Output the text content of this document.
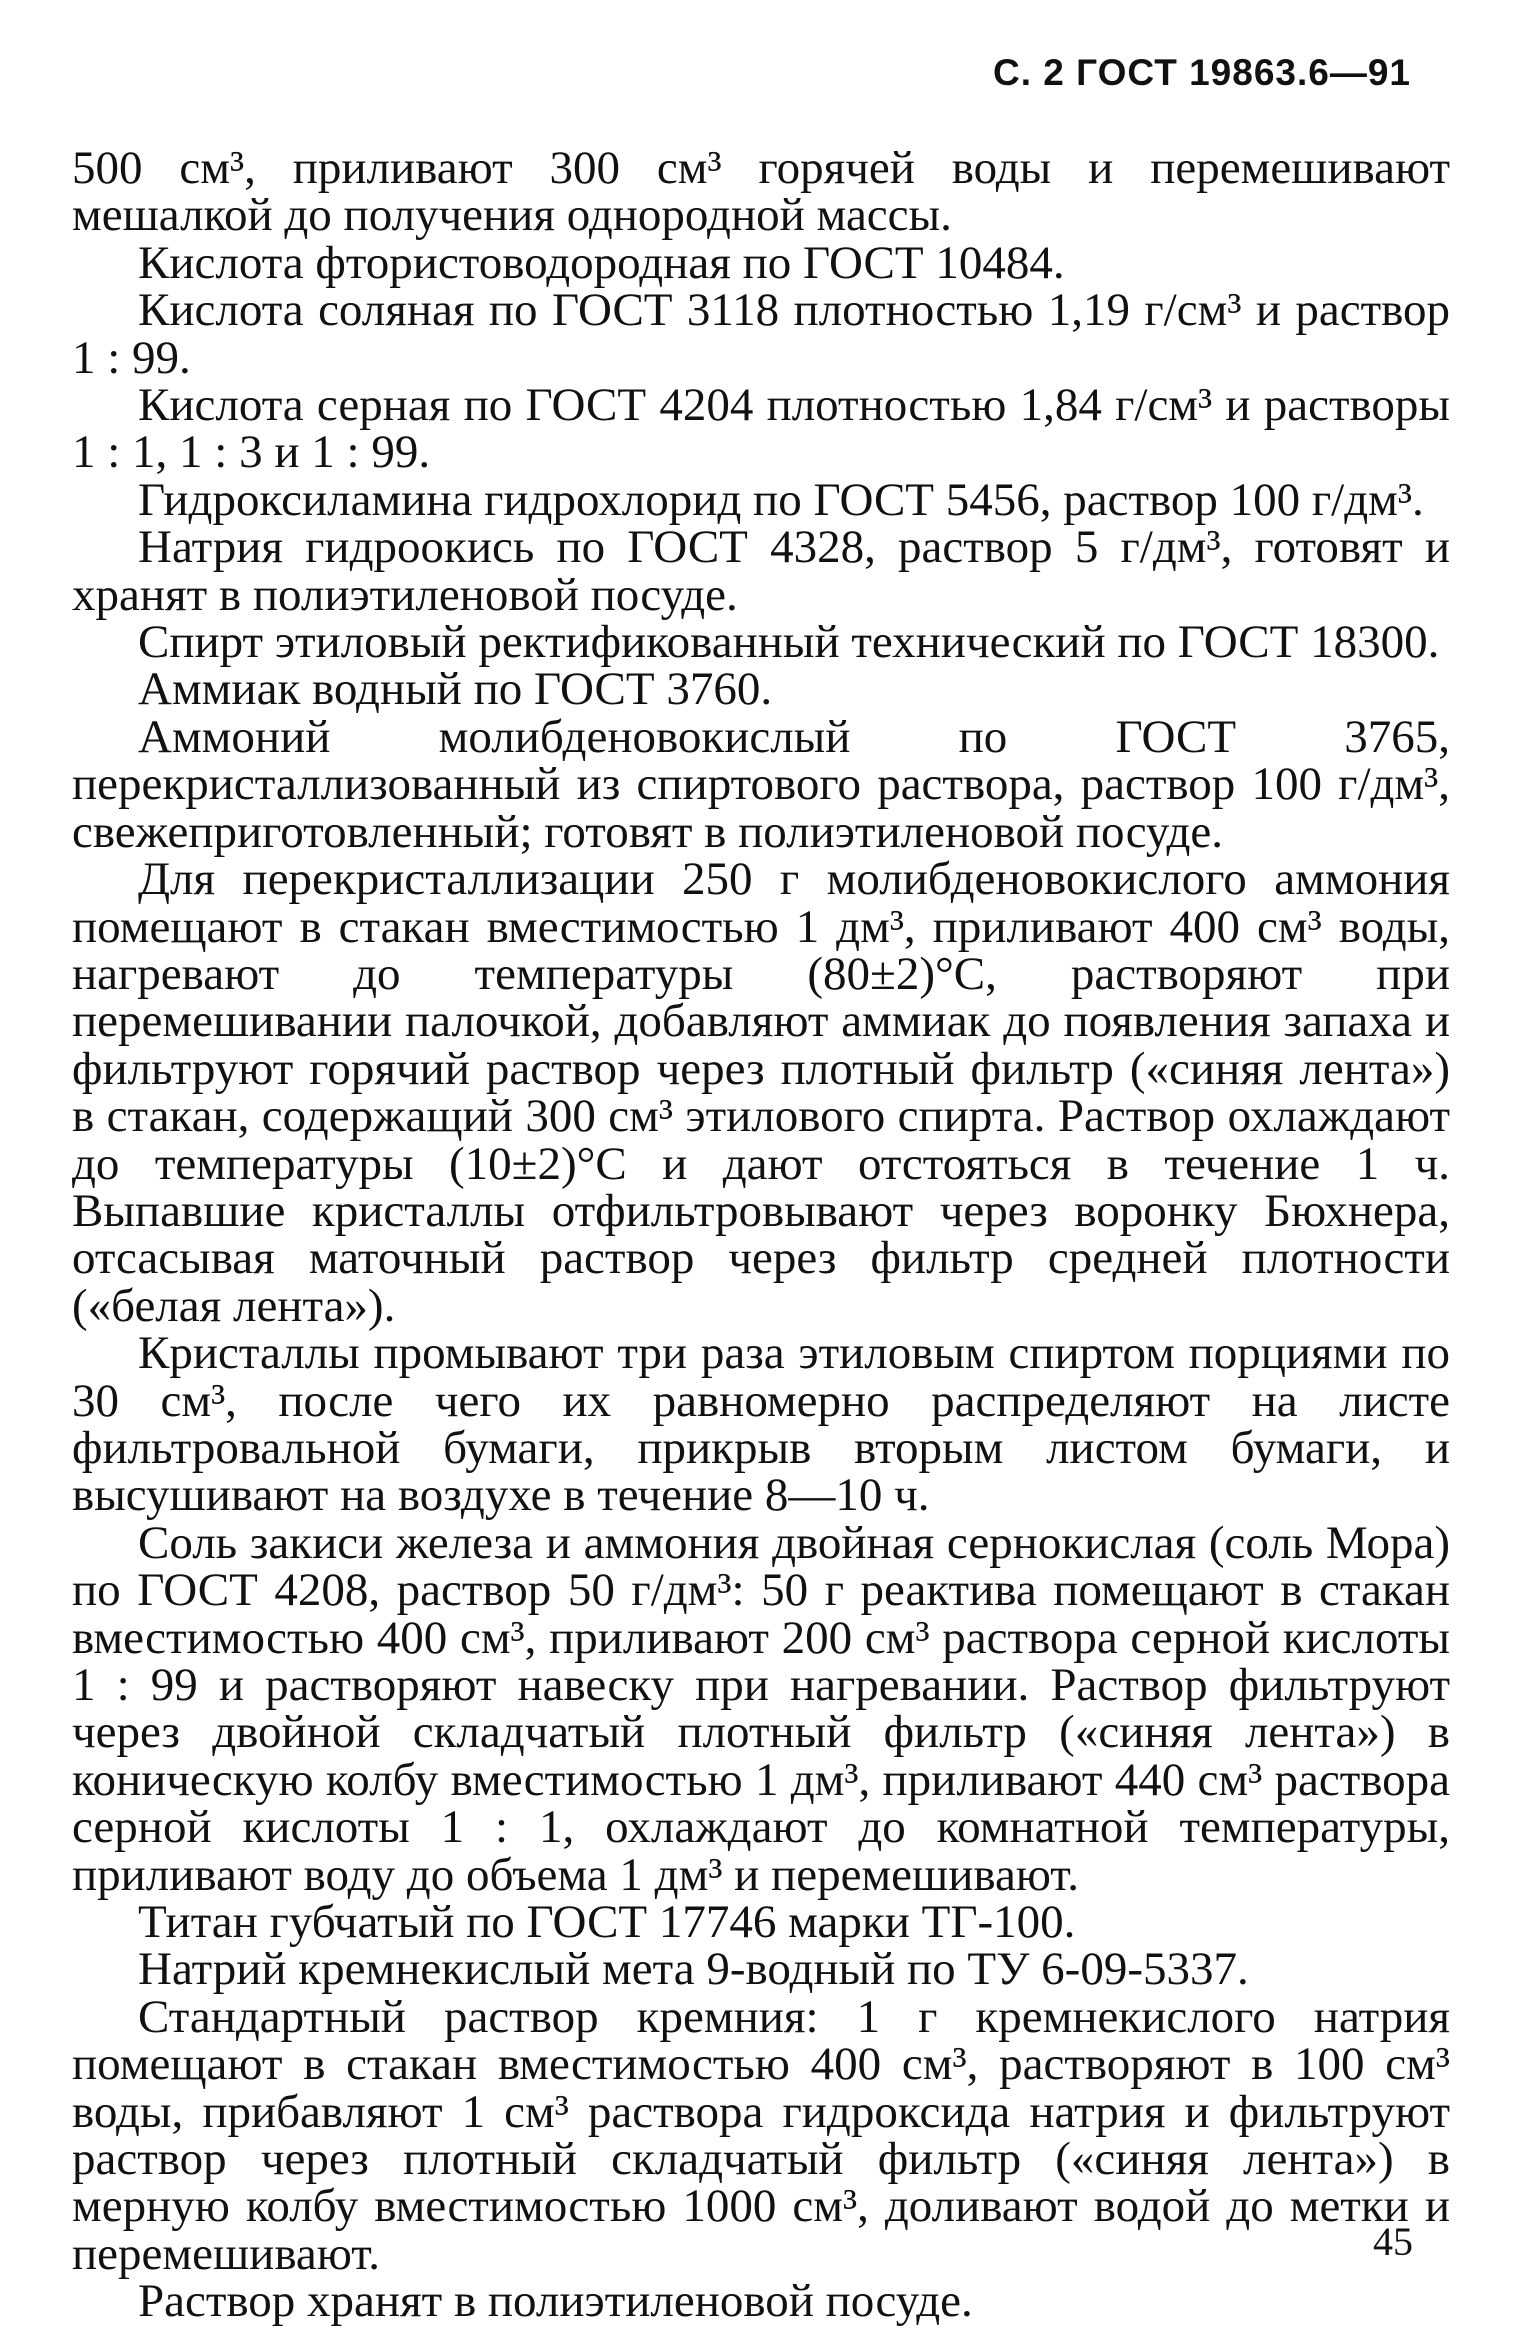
С. 2 ГОСТ 19863.6—91

500 см³, приливают 300 см³ горячей воды и перемешивают мешалкой до получения однородной массы.

Кислота фтористоводородная по ГОСТ 10484.

Кислота соляная по ГОСТ 3118 плотностью 1,19 г/см³ и раствор 1 : 99.

Кислота серная по ГОСТ 4204 плотностью 1,84 г/см³ и растворы 1 : 1, 1 : 3 и 1 : 99.

Гидроксиламина гидрохлорид по ГОСТ 5456, раствор 100 г/дм³.

Натрия гидроокись по ГОСТ 4328, раствор 5 г/дм³, готовят и хранят в полиэтиленовой посуде.

Спирт этиловый ректификованный технический по ГОСТ 18300.

Аммиак водный по ГОСТ 3760.

Аммоний молибденовокислый по ГОСТ 3765, перекристаллизованный из спиртового раствора, раствор 100 г/дм³, свежеприготовленный; готовят в полиэтиленовой посуде.

Для перекристаллизации 250 г молибденовокислого аммония помещают в стакан вместимостью 1 дм³, приливают 400 см³ воды, нагревают до температуры (80±2)°С, растворяют при перемешивании палочкой, добавляют аммиак до появления запаха и фильтруют горячий раствор через плотный фильтр («синяя лента») в стакан, содержащий 300 см³ этилового спирта. Раствор охлаждают до температуры (10±2)°С и дают отстояться в течение 1 ч. Выпавшие кристаллы отфильтровывают через воронку Бюхнера, отсасывая маточный раствор через фильтр средней плотности («белая лента»).

Кристаллы промывают три раза этиловым спиртом порциями по 30 см³, после чего их равномерно распределяют на листе фильтровальной бумаги, прикрыв вторым листом бумаги, и высушивают на воздухе в течение 8—10 ч.

Соль закиси железа и аммония двойная сернокислая (соль Мора) по ГОСТ 4208, раствор 50 г/дм³: 50 г реактива помещают в стакан вместимостью 400 см³, приливают 200 см³ раствора серной кислоты 1 : 99 и растворяют навеску при нагревании. Раствор фильтруют через двойной складчатый плотный фильтр («синяя лента») в коническую колбу вместимостью 1 дм³, приливают 440 см³ раствора серной кислоты 1 : 1, охлаждают до комнатной температуры, приливают воду до объема 1 дм³ и перемешивают.

Титан губчатый по ГОСТ 17746 марки ТГ-100.

Натрий кремнекислый мета 9-водный по ТУ 6-09-5337.

Стандартный раствор кремния: 1 г кремнекислого натрия помещают в стакан вместимостью 400 см³, растворяют в 100 см³ воды, прибавляют 1 см³ раствора гидроксида натрия и фильтруют раствор через плотный складчатый фильтр («синяя лента») в мерную колбу вместимостью 1000 см³, доливают водой до метки и перемешивают.

Раствор хранят в полиэтиленовой посуде.

45
